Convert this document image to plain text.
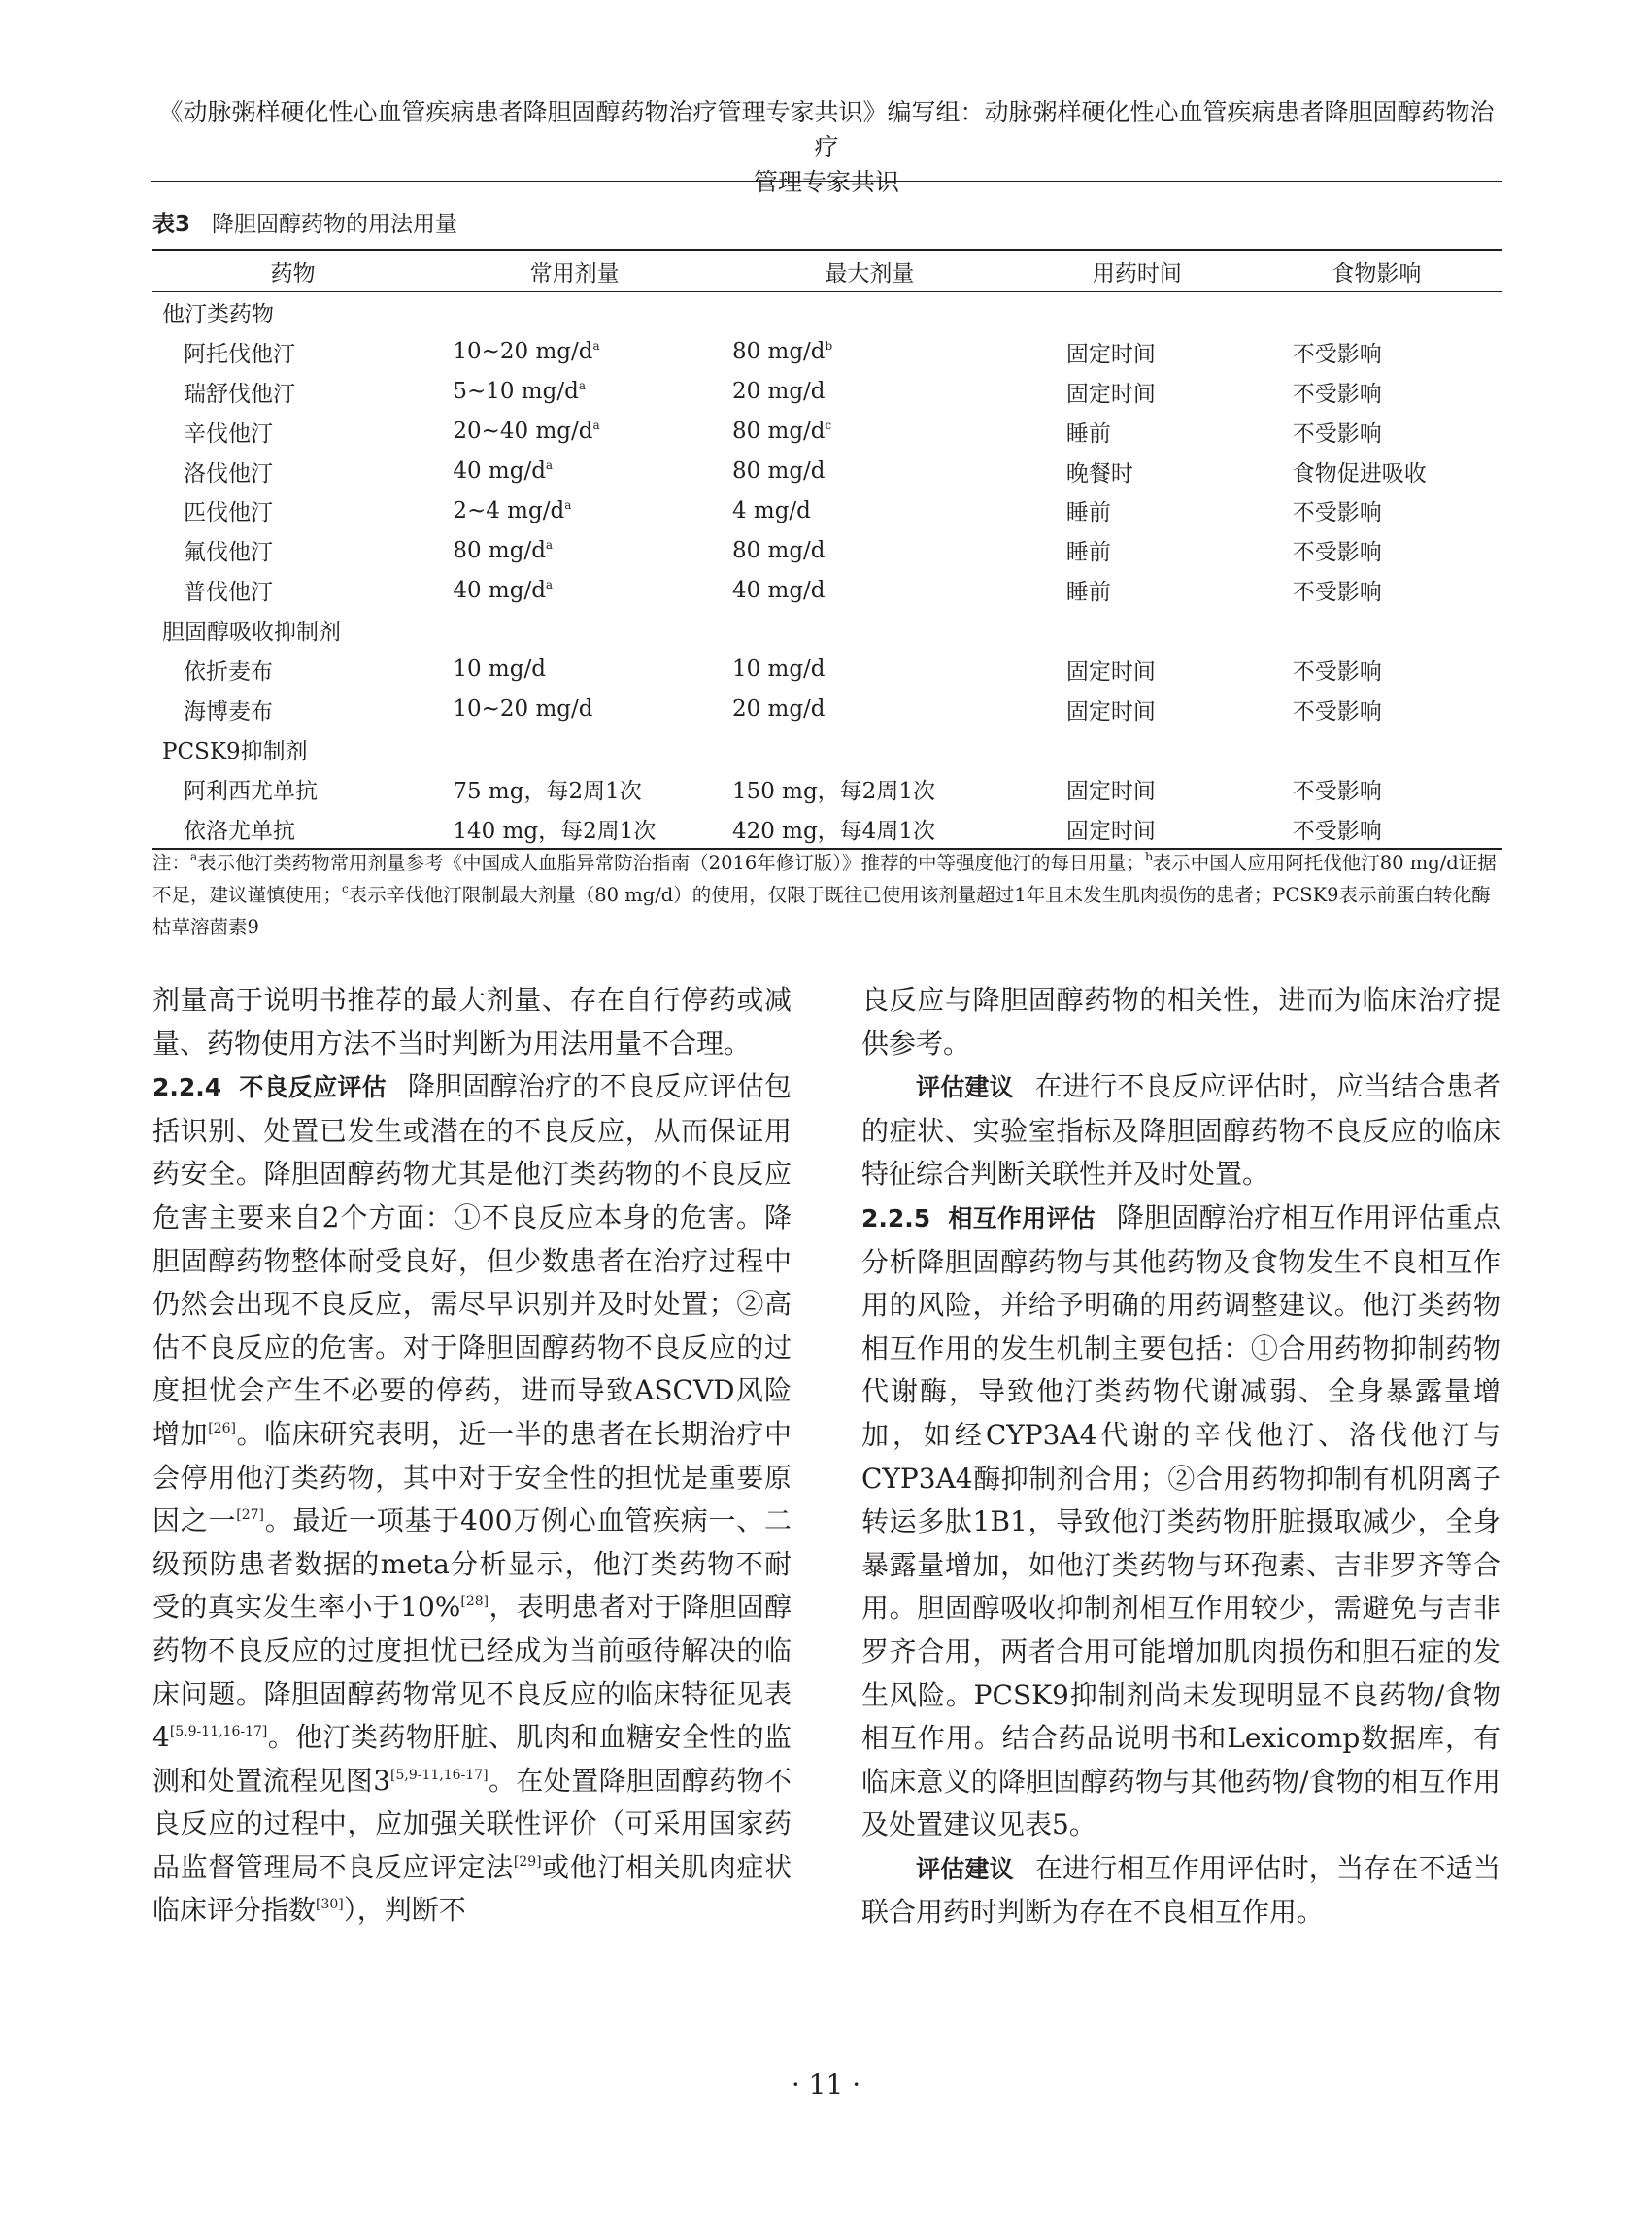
《动脉粥样硬化性心血管疾病患者降胆固醇药物治疗管理专家共识》编写组：动脉粥样硬化性心血管疾病患者降胆固醇药物治疗
管理专家共识
表3 降胆固醇药物的用法用量
药物	常用剂量	最大剂量	用药时间	食物影响
他汀类药物				
阿托伐他汀	10~20 $mg/d^a$	80 $mg/d^b$	固定时间	不受影响
瑞舒伐他汀	5~10 $mg/d^a$	20 mg/d	固定时间	不受影响
辛伐他汀	20~40 $mg/d^a$	80 $mg/d^c$	睡前	不受影响
洛伐他汀	40 $mg/d^a$	80 mg/d	晚餐时	食物促进吸收
匹伐他汀	2~4 $mg/d^a$	4 mg/d	睡前	不受影响
氟伐他汀	80 $mg/d^a$	80 mg/d	睡前	不受影响
普伐他汀	40 $mg/d^a$	40 mg/d	睡前	不受影响
胆固醇吸收抑制剂				
依折麦布	10 mg/d	10 mg/d	固定时间	不受影响
海博麦布	10~20 mg/d	20 mg/d	固定时间	不受影响
PCSK9抑制剂				
阿利西尤单抗	75 mg，每2周1次	150 mg，每2周1次	固定时间	不受影响
依洛尤单抗	140 mg，每2周1次	420 mg，每4周1次	固定时间	不受影响
注：$^a$表示他汀类药物常用剂量参考《中国成人血脂异常防治指南（2016年修订版）》推荐的中等强度他汀的每日用量；$^b$表示中国人应用阿托伐他汀80 mg/d证据不足，建议谨慎使用；$^c$表示辛伐他汀限制最大剂量（80 mg/d）的使用，仅限于既往已使用该剂量超过1年且未发生肌肉损伤的患者；PCSK9表示前蛋白转化酶枯草溶菌素9

剂量高于说明书推荐的最大剂量、存在自行停药或减量、药物使用方法不当时判断为用法用量不合理。

2.2.4 不良反应评估 降胆固醇治疗的不良反应评估包括识别、处置已发生或潜在的不良反应，从而保证用药安全。降胆固醇药物尤其是他汀类药物的不良反应危害主要来自2个方面：①不良反应本身的危害。降胆固醇药物整体耐受良好，但少数患者在治疗过程中仍然会出现不良反应，需尽早识别并及时处置；②高估不良反应的危害。对于降胆固醇药物不良反应的过度担忧会产生不必要的停药，进而导致ASCVD风险增加[26]。临床研究表明，近一半的患者在长期治疗中会停用他汀类药物，其中对于安全性的担忧是重要原因之一[27]。最近一项基于400万例心血管疾病一、二级预防患者数据的meta分析显示，他汀类药物不耐受的真实发生率小于10%[28]，表明患者对于降胆固醇药物不良反应的过度担忧已经成为当前亟待解决的临床问题。降胆固醇药物常见不良反应的临床特征见表4[5,9-11,16-17]。他汀类药物肝脏、肌肉和血糖安全性的监测和处置流程见图3[5,9-11,16-17]。在处置降胆固醇药物不良反应的过程中，应加强关联性评价（可采用国家药品监督管理局不良反应评定法[29]或他汀相关肌肉症状临床评分指数[30]），判断不

良反应与降胆固醇药物的相关性，进而为临床治疗提供参考。

评估建议 在进行不良反应评估时，应当结合患者的症状、实验室指标及降胆固醇药物不良反应的临床特征综合判断关联性并及时处置。

2.2.5 相互作用评估 降胆固醇治疗相互作用评估重点分析降胆固醇药物与其他药物及食物发生不良相互作用的风险，并给予明确的用药调整建议。他汀类药物相互作用的发生机制主要包括：①合用药物抑制药物代谢酶，导致他汀类药物代谢减弱、全身暴露量增加，如经CYP3A4代谢的辛伐他汀、洛伐他汀与CYP3A4酶抑制剂合用；②合用药物抑制有机阴离子转运多肽1B1，导致他汀类药物肝脏摄取减少，全身暴露量增加，如他汀类药物与环孢素、吉非罗齐等合用。胆固醇吸收抑制剂相互作用较少，需避免与吉非罗齐合用，两者合用可能增加肌肉损伤和胆石症的发生风险。PCSK9抑制剂尚未发现明显不良药物/食物相互作用。结合药品说明书和Lexicomp数据库，有临床意义的降胆固醇药物与其他药物/食物的相互作用及处置建议见表5。

评估建议 在进行相互作用评估时，当存在不适当联合用药时判断为存在不良相互作用。

· 11 ·
